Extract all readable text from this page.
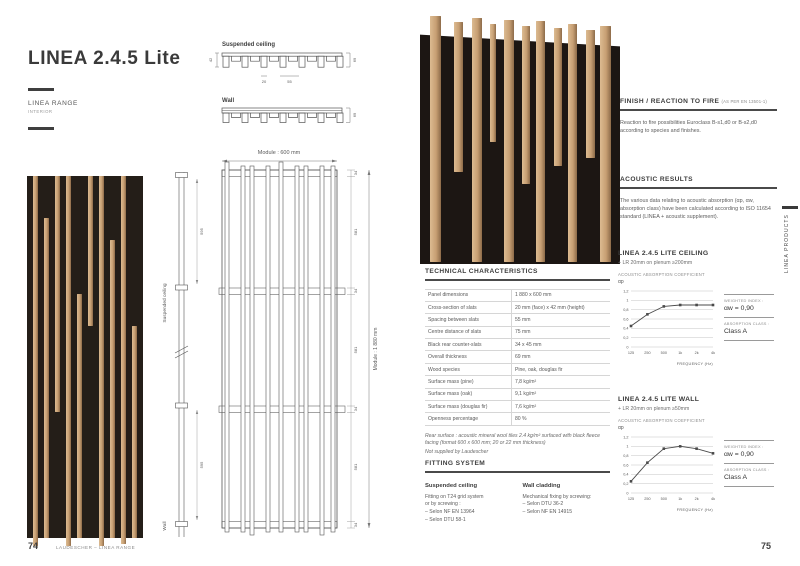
LINEA 2.4.5 Lite
LINEA RANGE
INTERIOR
Suspended ceiling
42	69
20	55
Wall
69
Module : 600 mm
34
581
34
581
34
581
34
Module : 1 880 mm
595
595
Suspended ceiling
Wall
TECHNICAL CHARACTERISTICS
Panel dimensions	1 880 x 600 mm
Cross-section of slats	20 mm (face) x 42 mm (height)
Spacing between slats	55 mm
Centre distance of slats	75 mm
Black rear counter-slats	34 x 45 mm
Overall thickness	69 mm
Wood species	Pine, oak, douglas fir
Surface mass (pine)	7,8 kg/m²
Surface mass (oak)	9,1 kg/m²
Surface mass (douglas fir)	7,6 kg/m²
Openness percentage	80 %
Rear surface : acoustic mineral wool tiles 2.4 kg/m² surfaced with black fleece facing (format 600 x 600 mm; 20 or 22 mm thickness)
Not supplied by Laudescher
FITTING SYSTEM
Suspended ceiling
Fitting on T24 grid system
or by screwing :
– Selon NF EN 13964
– Selon DTU 58-1
Wall cladding
Mechanical fixing by screwing:
– Selon DTU 36-2
– Selon NF EN 14915
FINISH / REACTION TO FIRE (AS PER EN 13501-1)
Reaction to fire possibilities Euroclass B-s1,d0 or B-s2,d0 according to species and finishes.
ACOUSTIC RESULTS
The various data relating to acoustic absorption (αp, αw, absorption class) have been calculated according to ISO 11654 standard (LINEA + acoustic supplement).
LINEA 2.4.5 LITE CEILING
+ LR 20mm on plenum ≥200mm
ACOUSTIC ABSORPTION COEFFICIENT
αp
0
0,2
0,4
0,6
0,8
1
1,2
125	250	500	1k	2k	4k
FREQUENCY (Hz)
WEIGHTED INDEX :
αw = 0,90
ABSORPTION CLASS :
Class A
LINEA 2.4.5 LITE WALL
+ LR 20mm on plenum ≥50mm
ACOUSTIC ABSORPTION COEFFICIENT
αp
0
0,2
0,4
0,6
0,8
1
1,2
125	250	500	1k	2k	4k
FREQUENCY (Hz)
WEIGHTED INDEX :
αw = 0,90
ABSORPTION CLASS :
Class A
LINEA PRODUCTS
74	LAUDESCHER – LINEA RANGE	75
